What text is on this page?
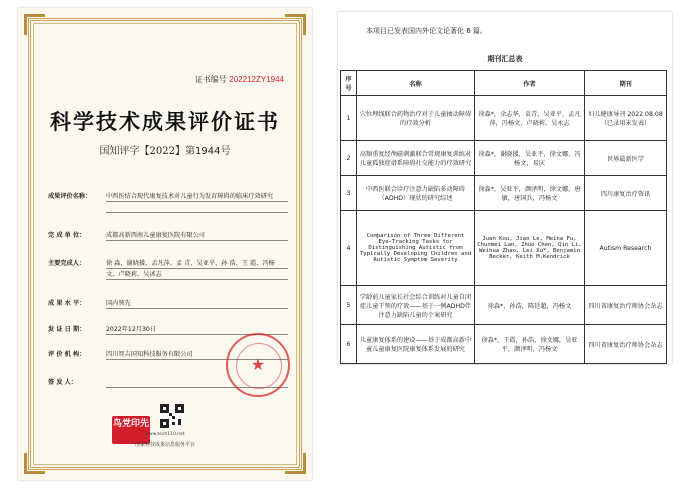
证书编号 202212ZY1944
科学技术成果评价证书
国知评字【2022】第1944号
成果评价名称：	中西医结合现代康复技术对儿童行为发育障碍的临床疗效研究
完 成 单 位：	成都高新西南儿童康复医院有限公司
主要完成人：	徐 淼、谢晓援、孟凡萍、孟 青、吴亚平、孙 浩、王 霞、冯杨文、卢晓莉、吴沭志
成 果 水 平：	国内领先
发 证 日 期：	2022年12月30日
评 价 机 构：	四川智吉国知科技服务有限公司
签 发 人：
★
鸟党印先
www.tech110.net
国家科技成果信息服务平台
本项目已发表国内外论文论著化 6 篇。
期刊汇总表
序号	名称	作者	期刊
1	穴位埋线联合药物治疗对于儿童抽动障碍的疗效分析	徐淼*，余志华，袁青，吴亚平，孟凡萍，冯杨文，卢晓莉，吴永志	妇儿健康导刊 2022.08.08（已录用未发表）
2	高频重复经颅磁刺激联合常规康复训练对儿童孤独症谱系障碍社交能力的疗效研究	徐淼*，谢晓援，吴亚平，徐文娜，冯杨文，易庆	世界最新医学
3	中西医联合诊疗注意力缺陷多动障碍（ADHD）现状的研究综述	徐淼*，吴亚平，颜泽明，徐文娜，唐敏，唐国兵，冯杨文	四川康复治疗资讯
4	Comparison of Three Different Eye-Tracking Tasks for Distinguishing Autistic from Typically Developing Children and Autistic Symptom Severity	Juan Kou, Jiao Le, Meina Fu, Chunmei Lan, Zhuo Chen, Qin Li, Weihua Zhao, Lei Xu*, Benjamin Becker, Keith M.Kendrick	Autism Research
5	学龄前儿童家长社会综合训练对儿童自闭症儿童干预的疗效——基于一例ADHD伴注意力缺陷儿童的个案研究	徐淼*，孙浩，陈廷超，冯杨文	四川省康复治疗师协会杂志
6	儿童康复体系的建设——基于成都高新中童儿童康复医院康复体系发展的研究	徐淼*，王霞，孙浩，徐文娜，吴亚平，颜泽明，冯杨文	四川省康复治疗师协会杂志
